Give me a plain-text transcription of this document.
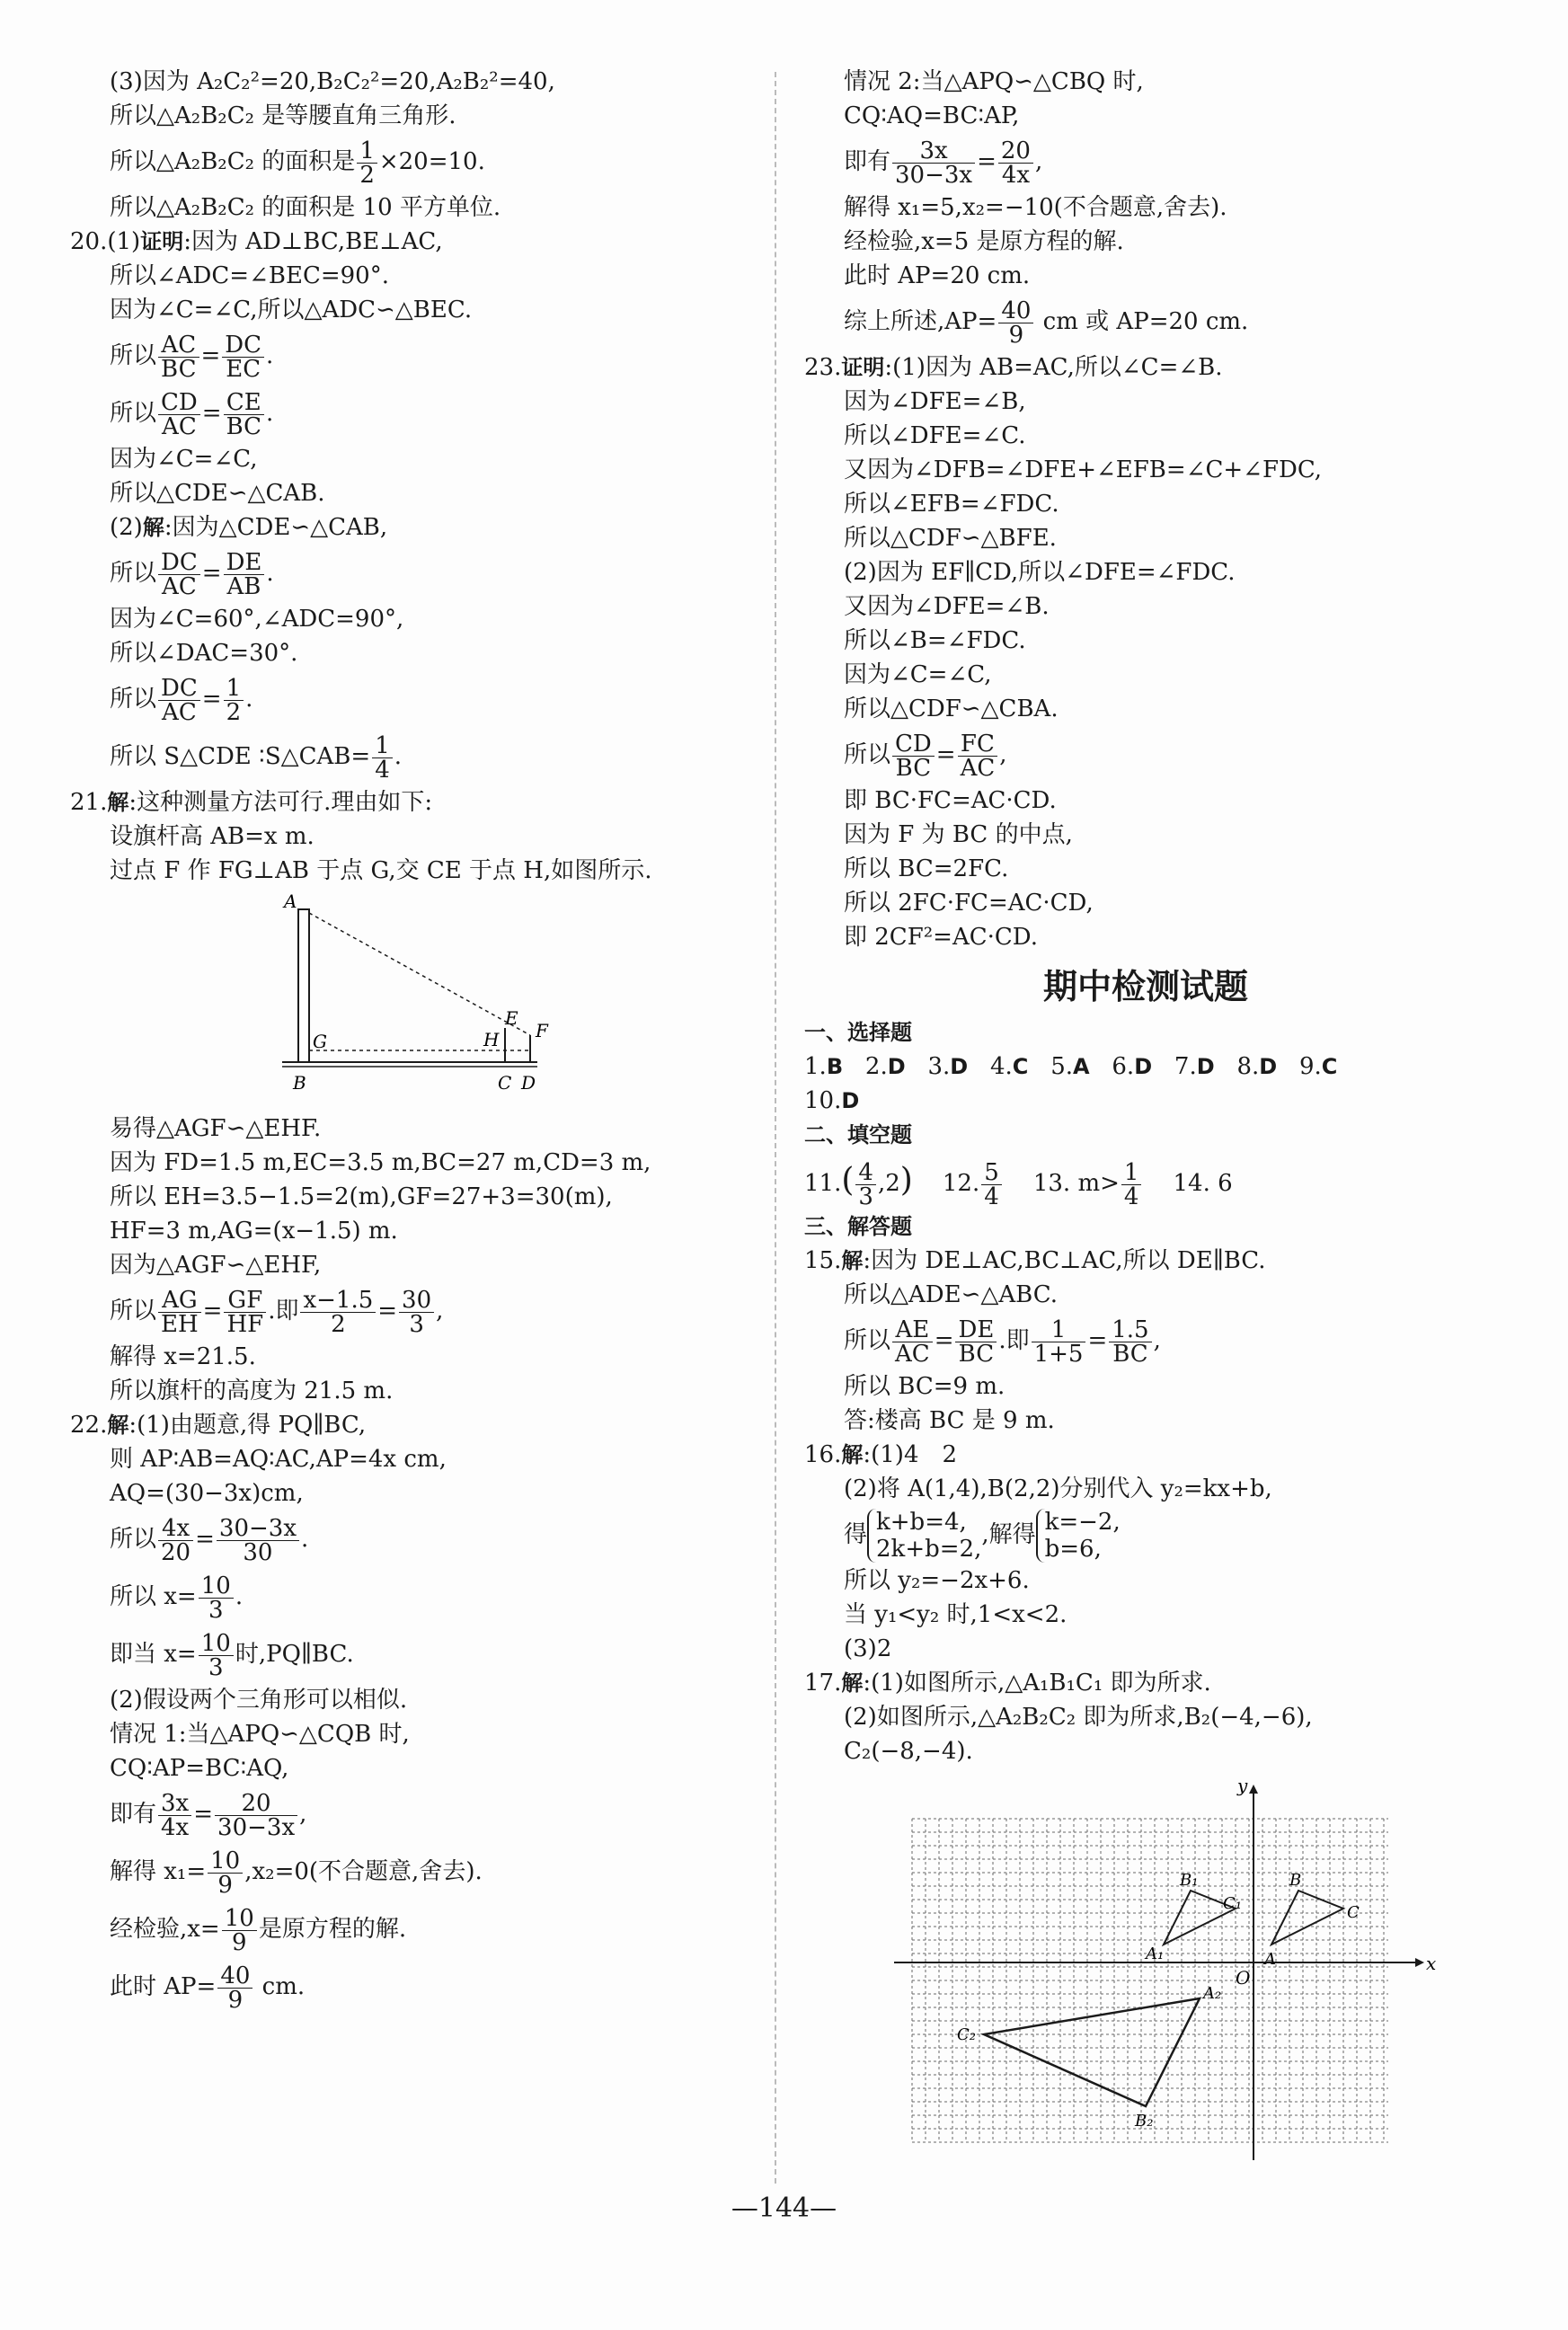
(3)因为 A₂C₂²=20,B₂C₂²=20,A₂B₂²=40,
所以△A₂B₂C₂ 是等腰直角三角形.
所以△A₂B₂C₂ 的面积是 $\frac{1}{2} \times 20=10$.
所以△A₂B₂C₂ 的面积是 10 平方单位.
20.(1)证明:因为 AD⊥BC,BE⊥AC,
所以∠ADC=∠BEC=90°.
因为∠C=∠C,所以△ADC∽△BEC.
所以 $\frac{AC}{BC} = \frac{DC}{EC}$ .
所以 $\frac{CD}{AC} = \frac{CE}{BC}$ .
因为∠C=∠C,
所以△CDE∽△CAB.
(2)解:因为△CDE∽△CAB,
所以 $\frac{DC}{AC} = \frac{DE}{AB}$ .
因为∠C=60°,∠ADC=90°,
所以∠DAC=30°.
所以 $\frac{DC}{AC} = \frac{1}{2}$ .
所以 S△CDE ∶S△CAB= $\frac{1}{4}$ .
21.解:这种测量方法可行.理由如下:
设旗杆高 AB=x m.
过点 F 作 FG⊥AB 于点 G,交 CE 于点 H,如图所示.
A
G
B
E
H F
C D
易得△AGF∽△EHF.
因为 FD=1.5 m,EC=3.5 m,BC=27 m,CD=3 m,
所以 EH=3.5−1.5=2(m),GF=27+3=30(m),
HF=3 m,AG=(x−1.5) m.
因为△AGF∽△EHF,
所以 $\frac{AG}{EH} = \frac{GF}{HF}$ .即 $\frac{x-1.5}{2} = \frac{30}{3}$ ,
解得 x=21.5.
所以旗杆的高度为 21.5 m.
22.解:(1)由题意,得 PQ∥BC,
则 AP∶AB=AQ∶AC,AP=4x cm,
AQ=(30−3x)cm,
所以 $\frac{4x}{20} = \frac{30-3x}{30}$ .
所以 $x= \frac{10}{3}$ .
即当 $x= \frac{10}{3}$ 时,PQ∥BC.
(2)假设两个三角形可以相似.
情况 1:当△APQ∽△CQB 时,
CQ∶AP=BC∶AQ,
即有 $\frac{3x}{4x} = \frac{20}{30-3x}$ ,
解得 $x_1= \frac{10}{9} ,x_2=0$(不合题意,舍去).
经检验$,x= \frac{10}{9}$ 是原方程的解.
此时 $AP= \frac{40}{9}$ cm.
情况 2:当△APQ∽△CBQ 时,
CQ∶AQ=BC∶AP,
即有 $\frac{3x}{30-3x} = \frac{20}{4x}$ ,
解得 x₁=5,x₂=−10(不合题意,舍去).
经检验,x=5 是原方程的解.
此时 AP=20 cm.
综上所述$,AP= \frac{40}{9}$ cm 或 AP=20 cm.
23.证明:(1)因为 AB=AC,所以∠C=∠B.
因为∠DFE=∠B,
所以∠DFE=∠C.
又因为∠DFB=∠DFE+∠EFB=∠C+∠FDC,
所以∠EFB=∠FDC.
所以△CDF∽△BFE.
(2)因为 EF∥CD,所以∠DFE=∠FDC.
又因为∠DFE=∠B.
所以∠B=∠FDC.
因为∠C=∠C,
所以△CDF∽△CBA.
所以 $\frac{CD}{BC} = \frac{FC}{AC}$ ,
即 BC·FC=AC·CD.
因为 F 为 BC 的中点,
所以 BC=2FC.
所以 2FC·FC=AC·CD,
即 2CF²=AC·CD.
期中检测试题
一、选择题
1.B 2.D 3.D 4.C 5.A 6.D 7.D 8.D 9.C
10.D
二、填空题
$11.( \frac{4}{3} ,2)$ 12. $\frac{5}{4} 13$. $m> \frac{1}{4} 14$. 6
三、解答题
15.解:因为 DE⊥AC,BC⊥AC,所以 DE∥BC.
所以△ADE∽△ABC.
所以 $\frac{AE}{AC} = \frac{DE}{BC}$ .即 $\frac{1}{1+5} = \frac{1.5}{BC}$ ,
所以 BC=9 m.
答:楼高 BC 是 9 m.
16.解:(1)4　2
(2)将 A(1,4),B(2,2)分别代入 y₂=kx+b,
得 k+b=4,
2k+b=2,
,解得 k=−2,
b=6,
所以 y₂=−2x+6.
当 y₁<y₂ 时,1<x<2.
(3)2
17.解:(1)如图所示,△A₁B₁C₁ 即为所求.
(2)如图所示,△A₂B₂C₂ 即为所求,B₂(−4,−6),
C₂(−8,−4).
y
x
O
A
B
C
A₁
B₁
C₁
A₂
B₂
C₂
—144—
